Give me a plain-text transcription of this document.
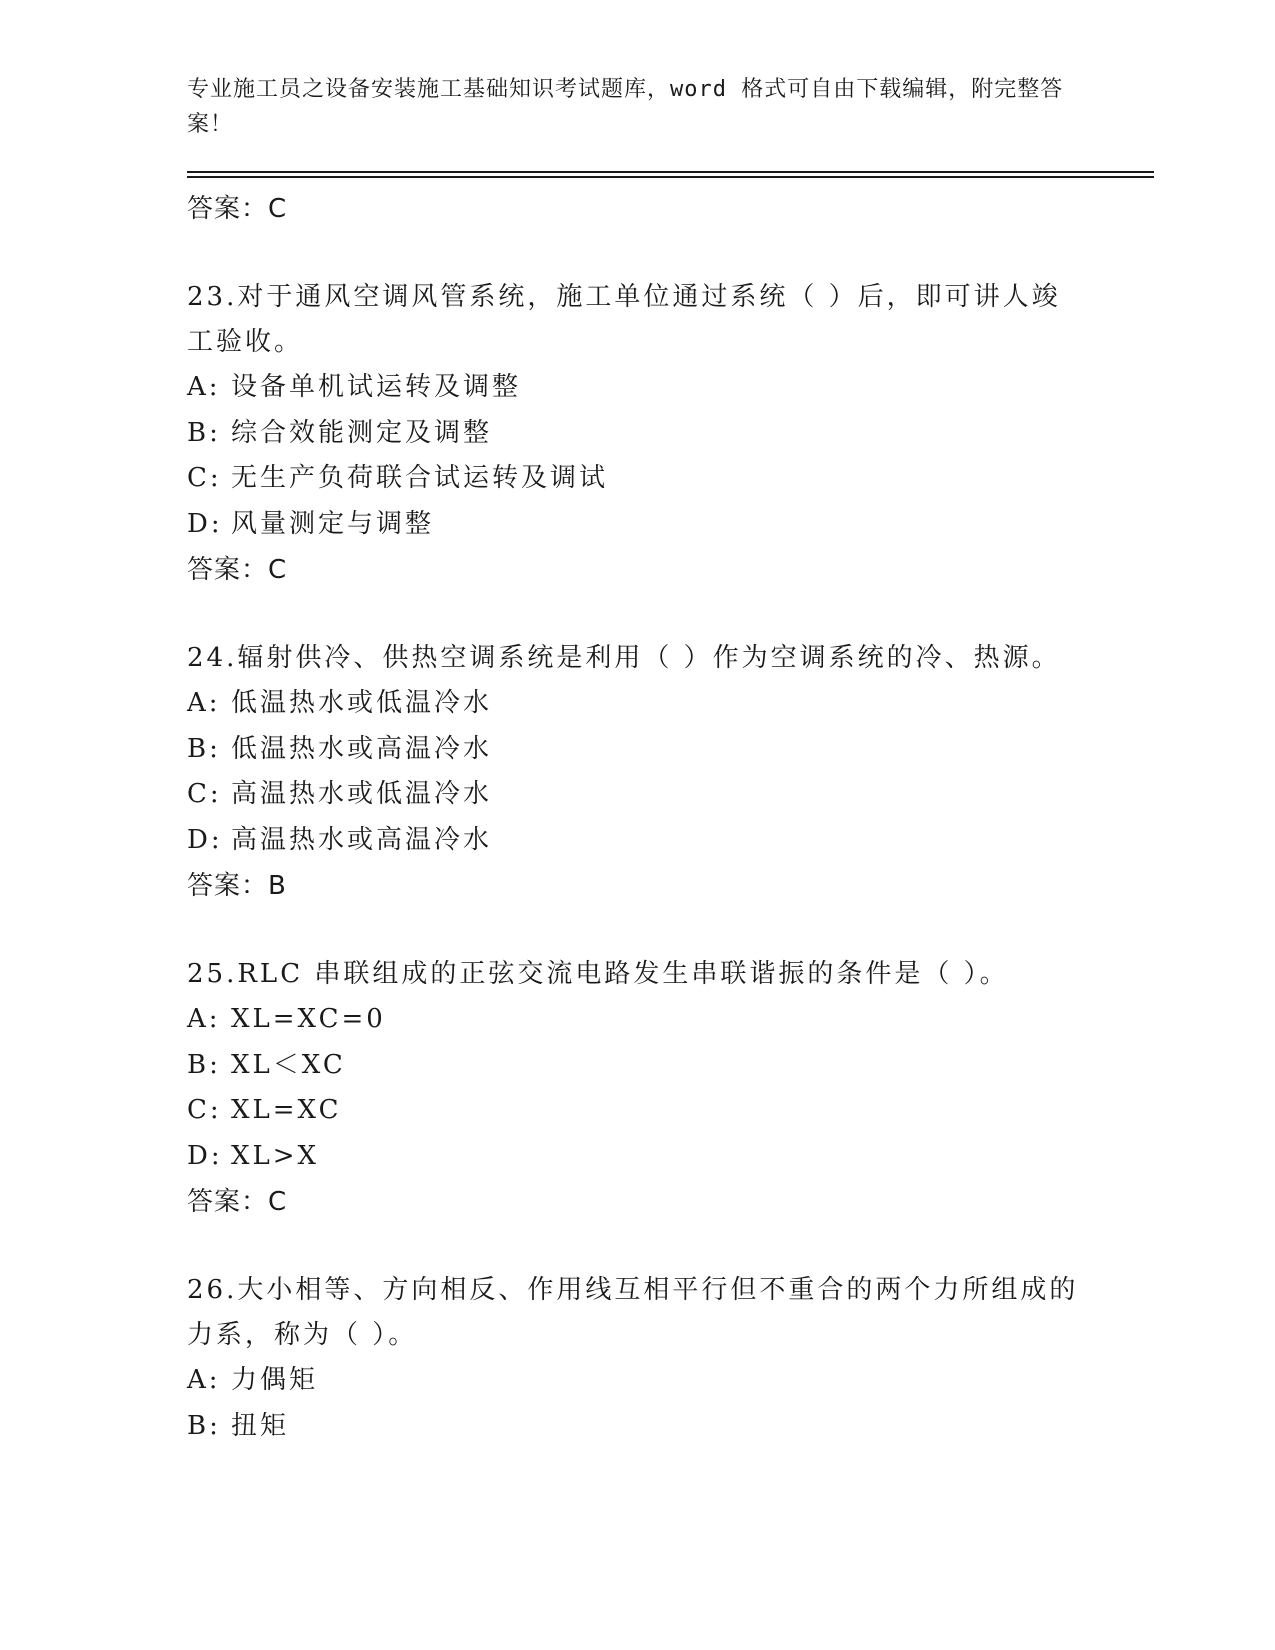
专业施工员之设备安装施工基础知识考试题库，word 格式可自由下载编辑，附完整答案！
答案：C
23.对于通风空调风管系统，施工单位通过系统（ ）后，即可讲人竣工验收。
A: 设备单机试运转及调整
B: 综合效能测定及调整
C: 无生产负荷联合试运转及调试
D: 风量测定与调整
答案：C
24.辐射供冷、供热空调系统是利用（ ）作为空调系统的冷、热源。
A: 低温热水或低温冷水
B: 低温热水或高温冷水
C: 高温热水或低温冷水
D: 高温热水或高温冷水
答案：B
25.RLC 串联组成的正弦交流电路发生串联谐振的条件是（ ）。
A: XL=XC=0
B: XL＜XC
C: XL=XC
D: XL>X
答案：C
26.大小相等、方向相反、作用线互相平行但不重合的两个力所组成的力系，称为（ ）。
A: 力偶矩
B: 扭矩
